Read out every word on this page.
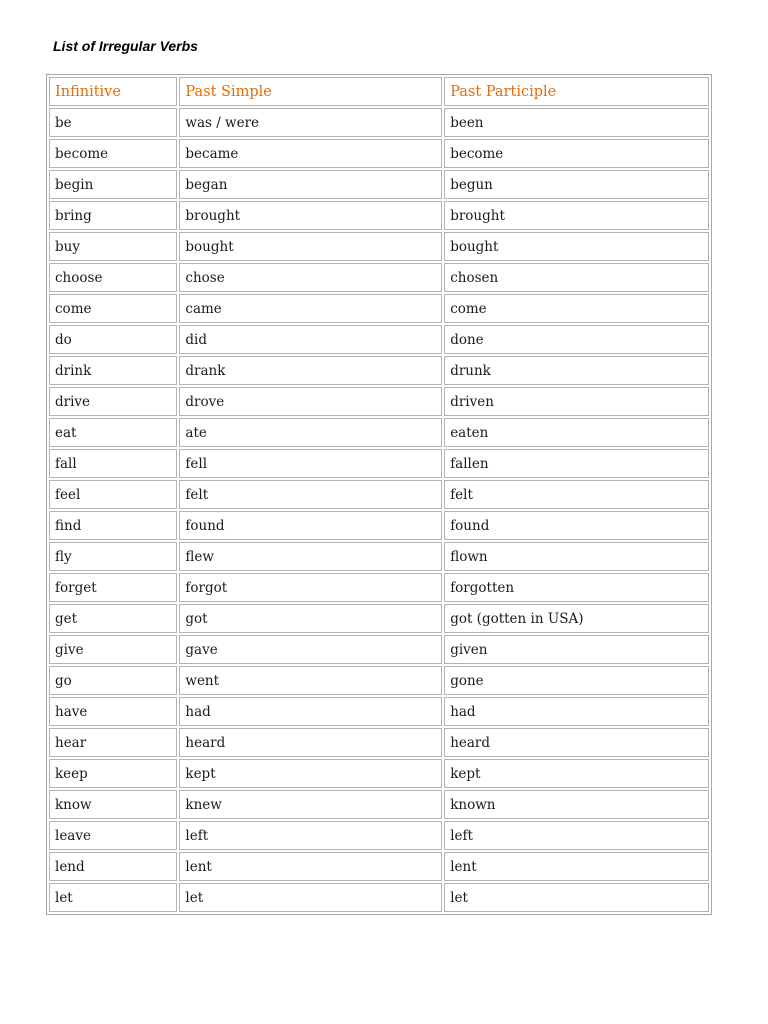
List of Irregular Verbs
Infinitive	Past Simple	Past Participle
be	was / were	been
become	became	become
begin	began	begun
bring	brought	brought
buy	bought	bought
choose	chose	chosen
come	came	come
do	did	done
drink	drank	drunk
drive	drove	driven
eat	ate	eaten
fall	fell	fallen
feel	felt	felt
find	found	found
fly	flew	flown
forget	forgot	forgotten
get	got	got (gotten in USA)
give	gave	given
go	went	gone
have	had	had
hear	heard	heard
keep	kept	kept
know	knew	known
leave	left	left
lend	lent	lent
let	let	let
